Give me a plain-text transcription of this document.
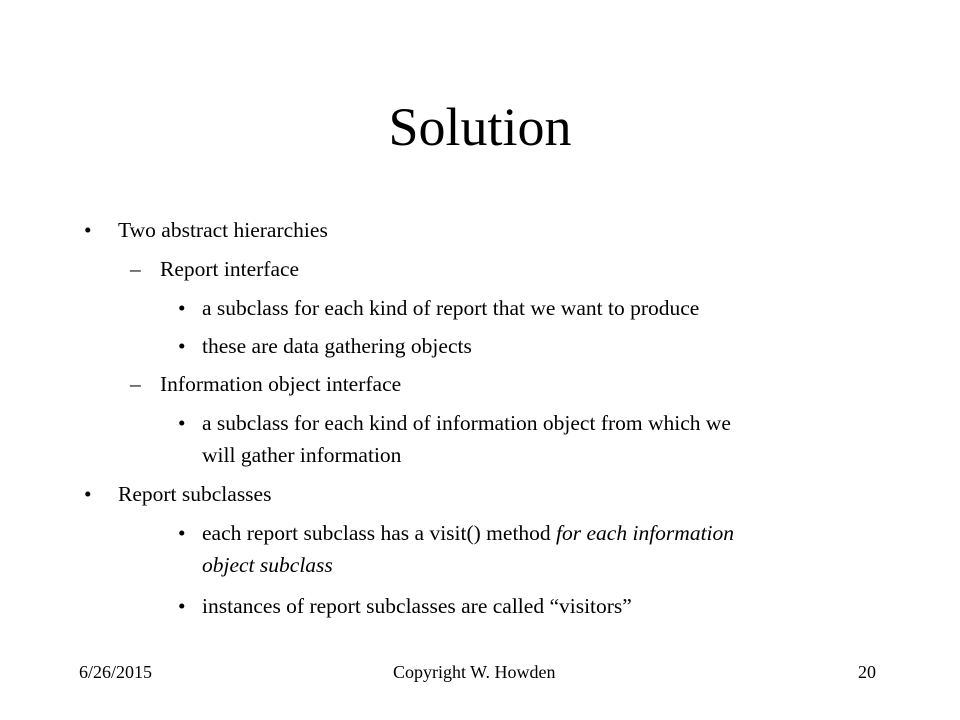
Solution
• Two abstract hierarchies
– Report interface
• a subclass for each kind of report that we want to produce
• these are data gathering objects
– Information object interface
• a subclass for each kind of information object from which we
will gather information
• Report subclasses
• each report subclass has a visit() method for each information
object subclass
• instances of report subclasses are called “visitors”
6/26/2015	Copyright W. Howden	20
